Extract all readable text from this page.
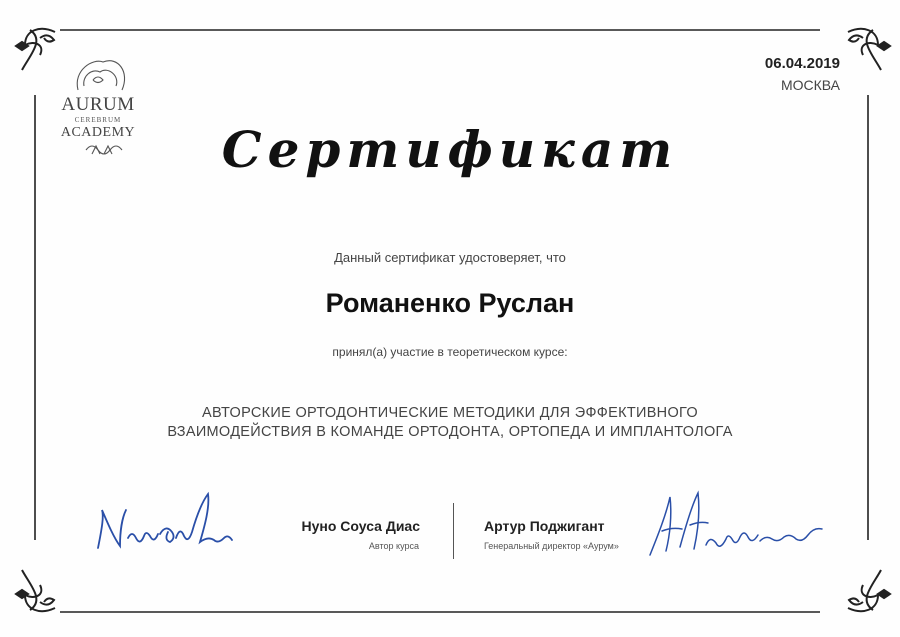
AURUM
CEREBRUM
ACADEMY
06.04.2019
МОСКВА
Сертификат
Данный сертификат удостоверяет, что
Романенко Руслан
принял(а) участие в теоретическом курсе:
АВТОРСКИЕ ОРТОДОНТИЧЕСКИЕ МЕТОДИКИ ДЛЯ ЭФФЕКТИВНОГО
ВЗАИМОДЕЙСТВИЯ В КОМАНДЕ ОРТОДОНТА, ОРТОПЕДА И ИМПЛАНТОЛОГА
Нуно Соуса Диас
Автор курса
Артур Поджигант
Генеральный директор «Аурум»
